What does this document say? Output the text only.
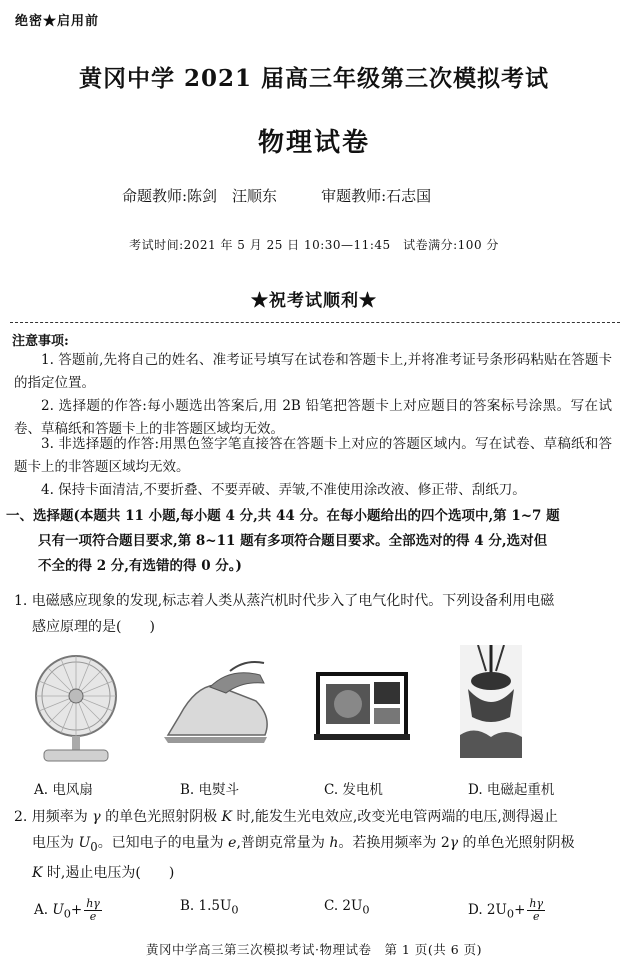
绝密★启用前
黄冈中学 2021 届高三年级第三次模拟考试
物理试卷
命题教师:陈剑　汪顺东	审题教师:石志国
考试时间:2021 年 5 月 25 日 10:30—11:45　试卷满分:100 分
★祝考试顺利★
注意事项:
1. 答题前,先将自己的姓名、准考证号填写在试卷和答题卡上,并将准考证号条形码粘贴在答题卡的指定位置。
2. 选择题的作答:每小题选出答案后,用 2B 铅笔把答题卡上对应题目的答案标号涂黑。写在试卷、草稿纸和答题卡上的非答题区域均无效。
3. 非选择题的作答:用黑色签字笔直接答在答题卡上对应的答题区域内。写在试卷、草稿纸和答题卡上的非答题区域均无效。
4. 保持卡面清洁,不要折叠、不要弄破、弄皱,不准使用涂改液、修正带、刮纸刀。
一、选择题(本题共 11 小题,每小题 4 分,共 44 分。在每小题给出的四个选项中,第 1~7 题
只有一项符合题目要求,第 8~11 题有多项符合题目要求。全部选对的得 4 分,选对但
不全的得 2 分,有选错的得 0 分。)
1. 电磁感应现象的发现,标志着人类从蒸汽机时代步入了电气化时代。下列设备利用电磁

感应原理的是(　　)
A. 电风扇	B. 电熨斗	C. 发电机	D. 电磁起重机
2. 用频率为 γ 的单色光照射阴极 K 时,能发生光电效应,改变光电管两端的电压,测得遏止

电压为 $U_0$。已知电子的电量为 e,普朗克常量为 h。若换用频率为 2γ 的单色光照射阴极
K 时,遏止电压为(　　)
A. $U_0+ \frac{h\gamma}{e}$	B. $1.5U_0$	C. $2U_0$	D. $2U_0+ \frac{h\gamma}{e}$
黄冈中学高三第三次模拟考试·物理试卷　第 1 页(共 6 页)
